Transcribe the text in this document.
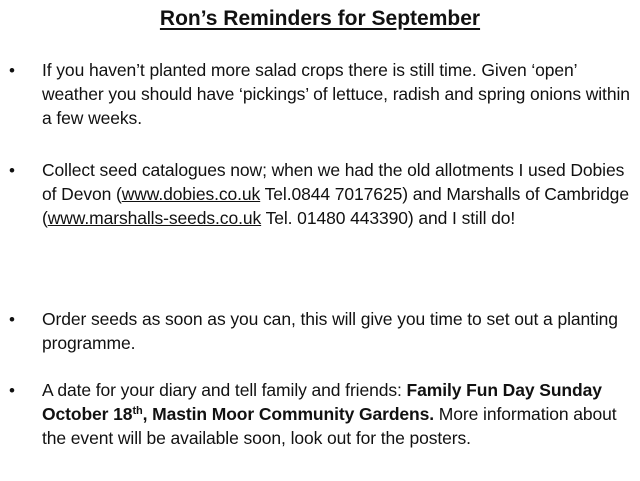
Ron’s Reminders for September
• If you haven’t planted more salad crops there is still time. Given ‘open’ weather you should have ‘pickings’ of lettuce, radish and spring onions within a few weeks.
• Collect seed catalogues now; when we had the old allotments I used Dobies of Devon (www.dobies.co.uk Tel.0844 7017625) and Marshalls of Cambridge (www.marshalls-seeds.co.uk Tel. 01480 443390) and I still do!
• Order seeds as soon as you can, this will give you time to set out a planting programme.
• A date for your diary and tell family and friends: Family Fun Day Sunday October 18th, Mastin Moor Community Gardens. More information about the event will be available soon, look out for the posters.
